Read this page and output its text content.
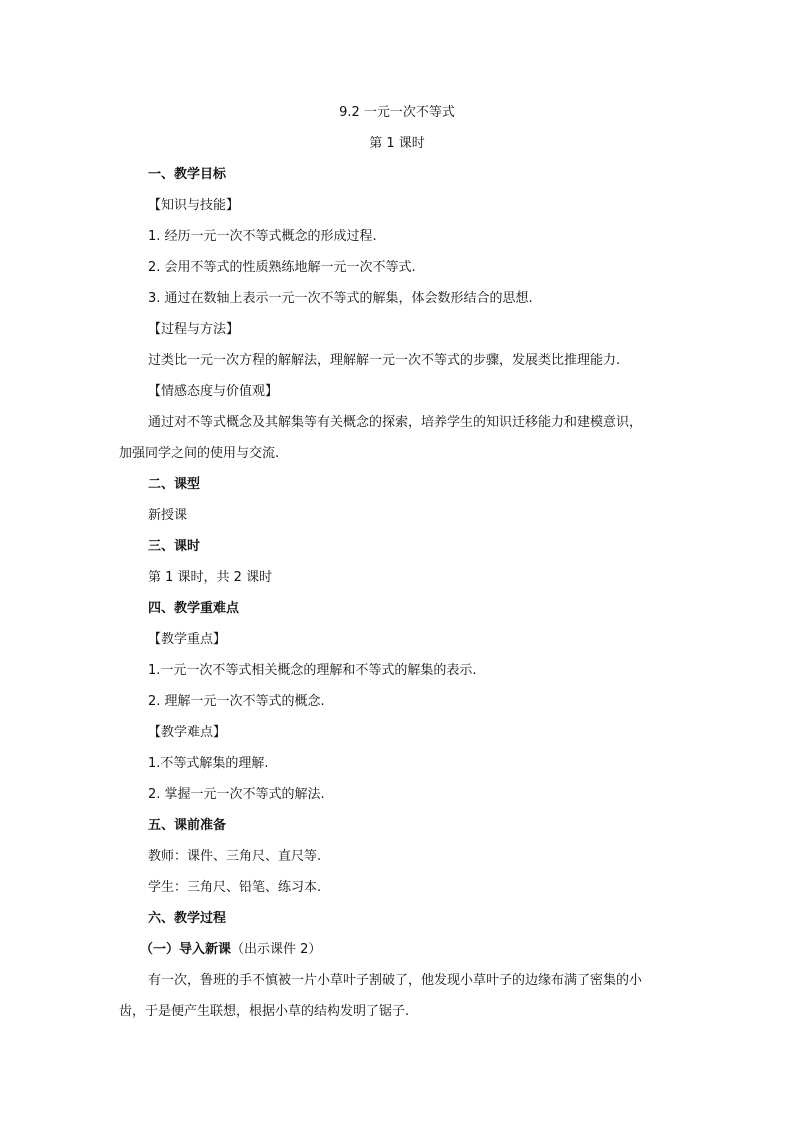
9.2 一元一次不等式
第 1 课时
一、教学目标
【知识与技能】
1. 经历一元一次不等式概念的形成过程.
2. 会用不等式的性质熟练地解一元一次不等式.
3. 通过在数轴上表示一元一次不等式的解集，体会数形结合的思想.
【过程与方法】
过类比一元一次方程的解解法，理解解一元一次不等式的步骤，发展类比推理能力.
【情感态度与价值观】
通过对不等式概念及其解集等有关概念的探索，培养学生的知识迁移能力和建模意识，
加强同学之间的使用与交流.
二、课型
新授课
三、课时
第 1 课时，共 2 课时
四、教学重难点
【教学重点】
1.一元一次不等式相关概念的理解和不等式的解集的表示.
2. 理解一元一次不等式的概念.
【教学难点】
1.不等式解集的理解.
2. 掌握一元一次不等式的解法.
五、课前准备
教师：课件、三角尺、直尺等.
学生：三角尺、铅笔、练习本.
六、教学过程
（一）导入新课（出示课件 2）
有一次，鲁班的手不慎被一片小草叶子割破了，他发现小草叶子的边缘布满了密集的小
齿，于是便产生联想，根据小草的结构发明了锯子.
